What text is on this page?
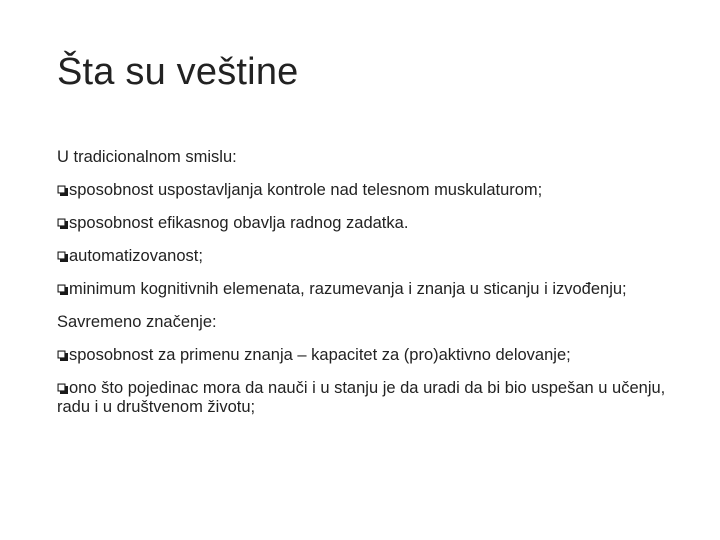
Šta su veštine

U tradicionalnom smislu:

sposobnost uspostavljanja kontrole nad telesnom muskulaturom;

sposobnost efikasnog obavlja radnog zadatka.

automatizovanost;

minimum kognitivnih elemenata, razumevanja i znanja u sticanju i izvođenju;

Savremeno značenje:

sposobnost za primenu znanja – kapacitet za (pro)aktivno delovanje;

ono što pojedinac mora da nauči i u stanju je da uradi da bi bio uspešan u učenju, radu i u društvenom životu;
